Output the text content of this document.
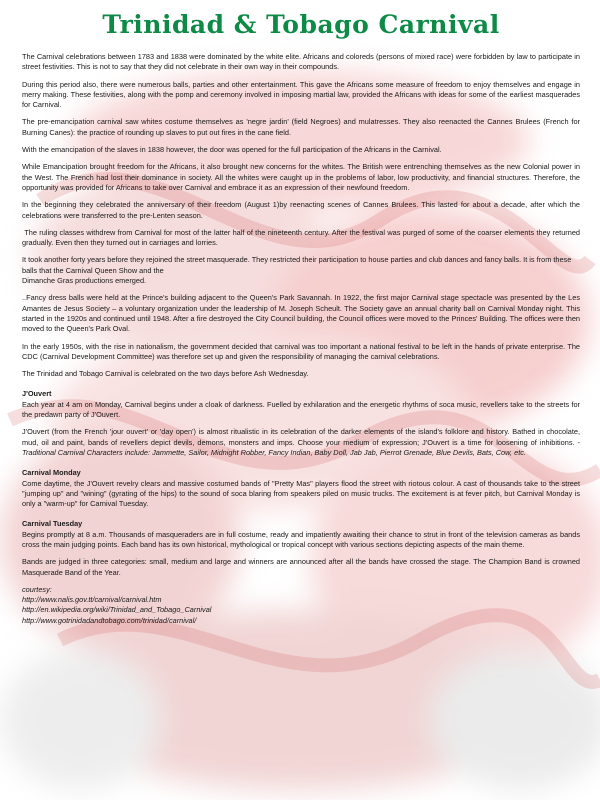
Trinidad & Tobago Carnival

The Carnival celebrations between 1783 and 1838 were dominated by the white elite. Africans and coloreds (persons of mixed race) were forbidden by law to participate in street festivities. This is not to say that they did not celebrate in their own way in their compounds.

During this period also, there were numerous balls, parties and other entertainment. This gave the Africans some measure of freedom to enjoy themselves and engage in merry making. These festivities, along with the pomp and ceremony involved in imposing martial law, provided the Africans with ideas for some of the earliest masquerades for Carnival.

The pre-emancipation carnival saw whites costume themselves as 'negre jardin' (field Negroes) and mulatresses. They also reenacted the Cannes Brulees (French for Burning Canes): the practice of rounding up slaves to put out fires in the cane field.

With the emancipation of the slaves in 1838 however, the door was opened for the full participation of the Africans in the Carnival.

While Emancipation brought freedom for the Africans, it also brought new concerns for the whites. The British were entrenching themselves as the new Colonial power in the West. The French had lost their dominance in society. All the whites were caught up in the problems of labor, low productivity, and financial structures. Therefore, the opportunity was provided for Africans to take over Carnival and embrace it as an expression of their newfound freedom.

In the beginning they celebrated the anniversary of their freedom (August 1)by reenacting scenes of Cannes Brulees. This lasted for about a decade, after which the celebrations were transferred to the pre-Lenten season.

The ruling classes withdrew from Carnival for most of the latter half of the nineteenth century. After the festival was purged of some of the coarser elements they returned gradually. Even then they turned out in carriages and lorries.

It took another forty years before they rejoined the street masquerade. They restricted their participation to house parties and club dances and fancy balls. It is from these balls that the Carnival Queen Show and the
Dimanche Gras productions emerged.

..Fancy dress balls were held at the Prince's building adjacent to the Queen's Park Savannah. In 1922, the first major Carnival stage spectacle was presented by the Les Amantes de Jesus Society – a voluntary organization under the leadership of M. Joseph Scheult. The Society gave an annual charity ball on Carnival Monday night. This started in the 1920s and continued until 1948. After a fire destroyed the City Council building, the Council offices were moved to the Princes' Building. The offices were then moved to the Queen's Park Oval.

In the early 1950s, with the rise in nationalism, the government decided that carnival was too important a national festival to be left in the hands of private enterprise. The CDC (Carnival Development Committee) was therefore set up and given the responsibility of managing the carnival celebrations.

The Trinidad and Tobago Carnival is celebrated on the two days before Ash Wednesday.

J'Ouvert

Each year at 4 am on Monday, Carnival begins under a cloak of darkness. Fuelled by exhilaration and the energetic rhythms of soca music, revellers take to the streets for the predawn party of J'Ouvert.

J'Ouvert (from the French 'jour ouvert' or 'day open') is almost ritualistic in its celebration of the darker elements of the island's folklore and history. Bathed in chocolate, mud, oil and paint, bands of revellers depict devils, demons, monsters and imps. Choose your medium of expression; J'Ouvert is a time for loosening of inhibitions. - Traditional Carnival Characters include: Jammette, Sailor, Midnight Robber, Fancy Indian, Baby Doll, Jab Jab, Pierrot Grenade, Blue Devils, Bats, Cow, etc.

Carnival Monday

Come daytime, the J'Ouvert revelry clears and massive costumed bands of "Pretty Mas" players flood the street with riotous colour. A cast of thousands take to the street "jumping up" and "wining" (gyrating of the hips) to the sound of soca blaring from speakers piled on music trucks. The excitement is at fever pitch, but Carnival Monday is only a "warm-up" for Carnival Tuesday.

Carnival Tuesday

Begins promptly at 8 a.m. Thousands of masqueraders are in full costume, ready and impatiently awaiting their chance to strut in front of the television cameras as bands cross the main judging points. Each band has its own historical, mythological or tropical concept with various sections depicting aspects of the main theme.

Bands are judged in three categories: small, medium and large and winners are announced after all the bands have crossed the stage. The Champion Band is crowned Masquerade Band of the Year.

courtesy:

http://www.nalis.gov.tt/carnival/carnival.htm

http://en.wikipedia.org/wiki/Trinidad_and_Tobago_Carnival

http://www.gotrinidadandtobago.com/trinidad/carnival/
